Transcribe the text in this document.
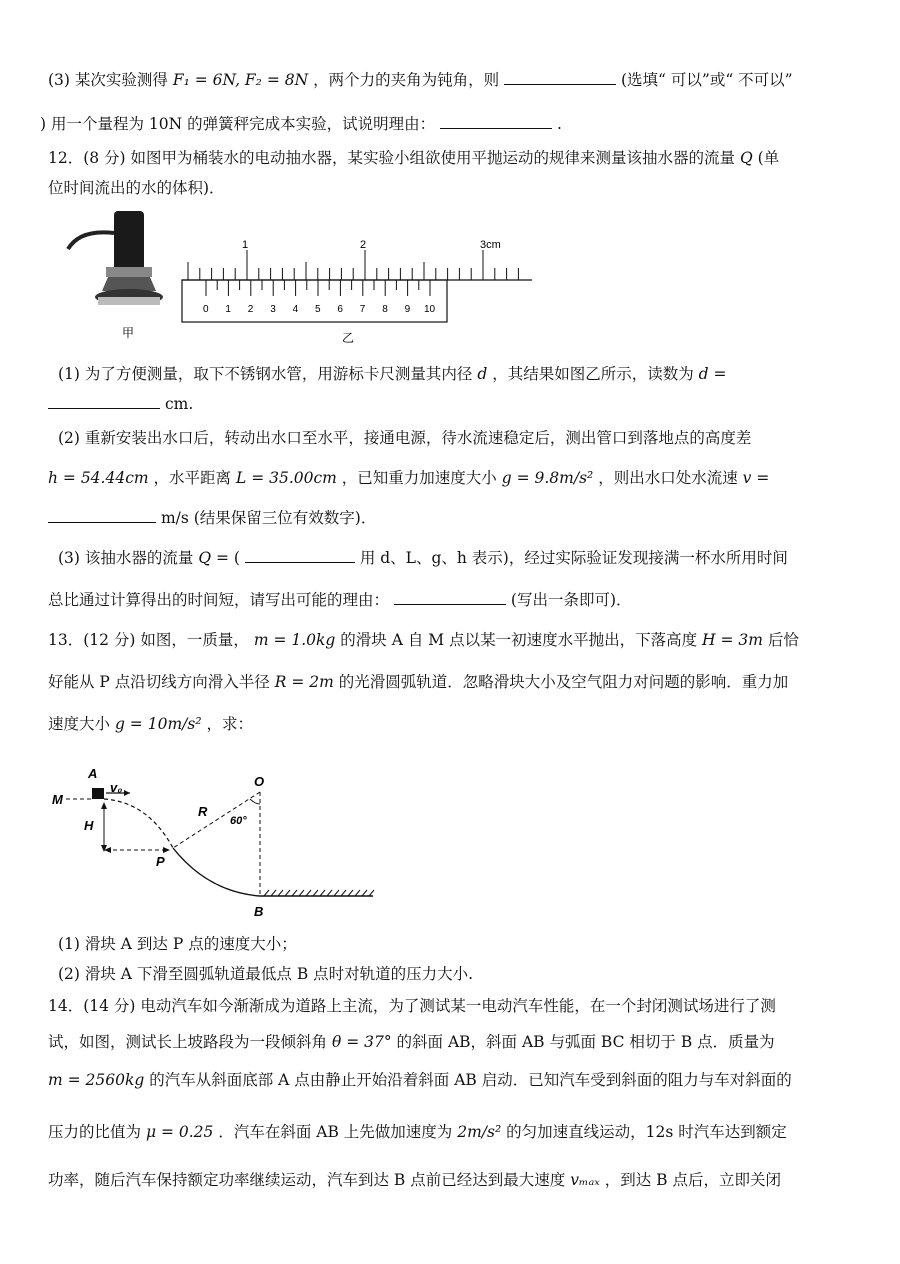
(3) 某次实验测得 F₁ = 6N, F₂ = 8N ，两个力的夹角为钝角，则	(选填“ 可以”或“ 不可以”
) 用一个量程为 10N 的弹簧秤完成本实验，试说明理由：	.
12．(8 分) 如图甲为桶装水的电动抽水器，某实验小组欲使用平抛运动的规律来测量该抽水器的流量 Q (单
位时间流出的水的体积)．
甲
1	2	3cm
0 1 2 3 4 5 6 7 8 9 10
乙
(1) 为了方便测量，取下不锈钢水管，用游标卡尺测量其内径 d ，其结果如图乙所示，读数为 d =
cm.
(2) 重新安装出水口后，转动出水口至水平，接通电源，待水流速稳定后，测出管口到落地点的高度差
h = 54.44cm ，水平距离 L = 35.00cm ，已知重力加速度大小 g = 9.8m/s² ，则出水口处水流速 v =
m/s (结果保留三位有效数字)．
(3) 该抽水器的流量 Q = (	用 d、L、g、h 表示)，经过实际验证发现接满一杯水所用时间
总比通过计算得出的时间短，请写出可能的理由：	(写出一条即可)．
13．(12 分) 如图，一质量， m = 1.0kg 的滑块 A 自 M 点以某一初速度水平抛出，下落高度 H = 3m 后恰
好能从 P 点沿切线方向滑入半径 R = 2m 的光滑圆弧轨道．忽略滑块大小及空气阻力对问题的影响．重力加
速度大小 g = 10m/s² ，求：
M
A
v₀	O
R
H	60°
P
B
(1) 滑块 A 到达 P 点的速度大小；
(2) 滑块 A 下滑至圆弧轨道最低点 B 点时对轨道的压力大小.
14．(14 分) 电动汽车如今渐渐成为道路上主流，为了测试某一电动汽车性能，在一个封闭测试场进行了测
试，如图，测试长上坡路段为一段倾斜角 θ = 37° 的斜面 AB，斜面 AB 与弧面 BC 相切于 B 点．质量为
m = 2560kg 的汽车从斜面底部 A 点由静止开始沿着斜面 AB 启动．已知汽车受到斜面的阻力与车对斜面的
压力的比值为 μ = 0.25 ．汽车在斜面 AB 上先做加速度为 2m/s² 的匀加速直线运动，12s 时汽车达到额定
功率，随后汽车保持额定功率继续运动，汽车到达 B 点前已经达到最大速度 vₘₐₓ ，到达 B 点后，立即关闭
